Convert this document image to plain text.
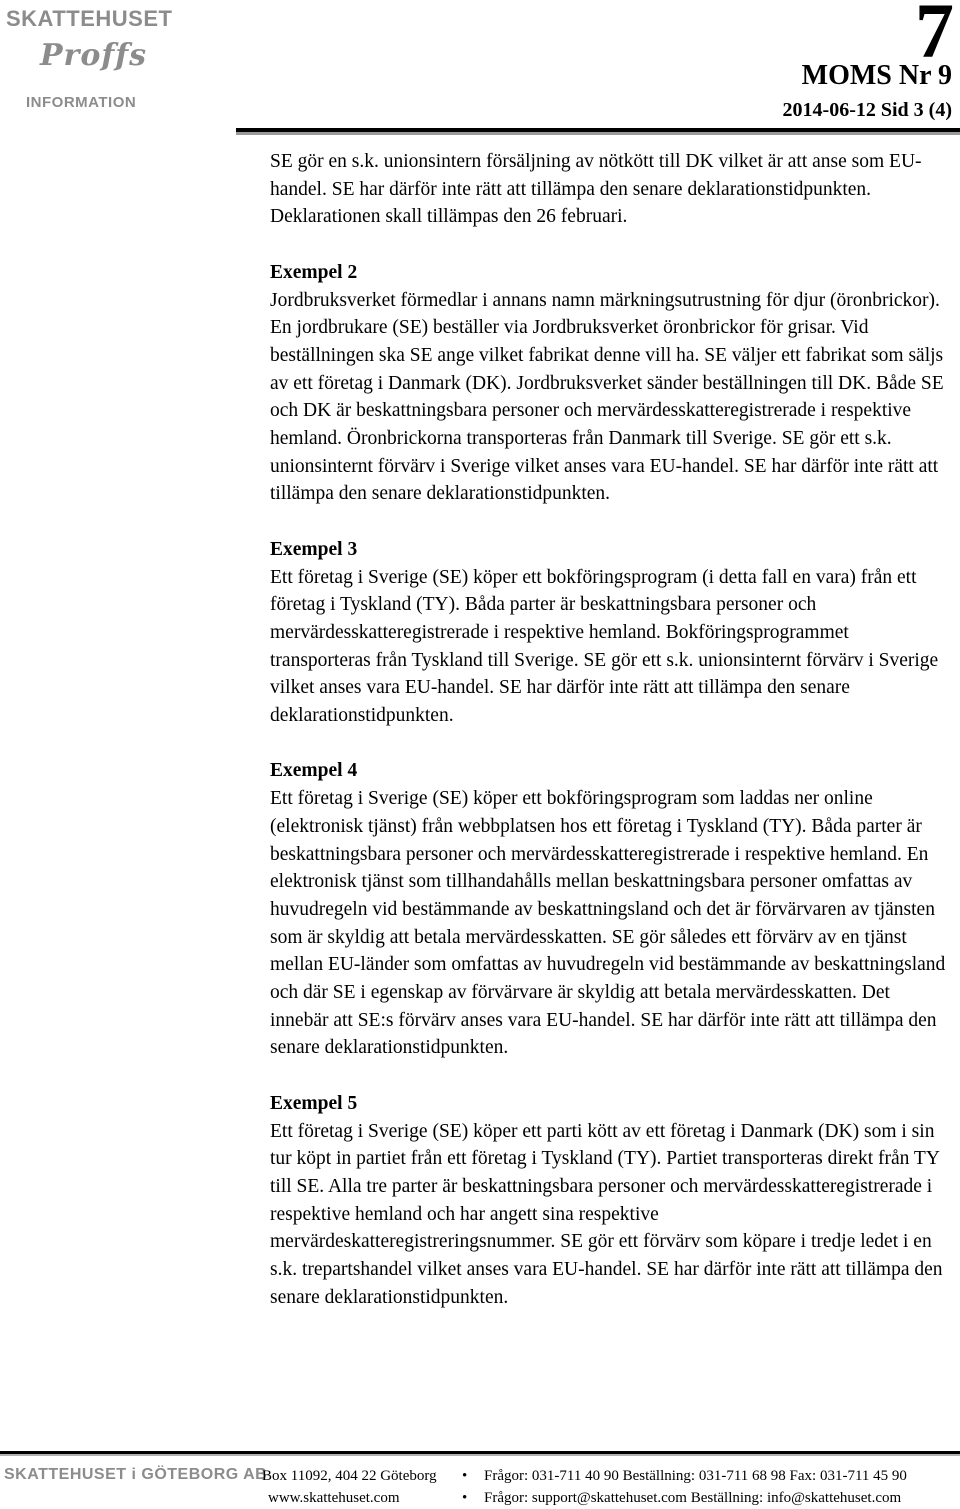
SKATTEHUSET
Proffs
INFORMATION
7
MOMS Nr 9
2014-06-12 Sid 3 (4)

SE gör en s.k. unionsintern försäljning av nötkött till DK vilket är att anse som EU-handel. SE har därför inte rätt att tillämpa den senare deklarationstidpunkten. Deklarationen skall tillämpas den 26 februari.

Exempel 2

Jordbruksverket förmedlar i annans namn märkningsutrustning för djur (öronbrickor). En jordbrukare (SE) beställer via Jordbruksverket öronbrickor för grisar. Vid beställningen ska SE ange vilket fabrikat denne vill ha. SE väljer ett fabrikat som säljs av ett företag i Danmark (DK). Jordbruksverket sänder beställningen till DK. Både SE och DK är beskattningsbara personer och mervärdesskatteregistrerade i respektive hemland. Öronbrickorna transporteras från Danmark till Sverige. SE gör ett s.k. unionsinternt förvärv i Sverige vilket anses vara EU-handel. SE har därför inte rätt att tillämpa den senare deklarationstidpunkten.

Exempel 3

Ett företag i Sverige (SE) köper ett bokföringsprogram (i detta fall en vara) från ett företag i Tyskland (TY). Båda parter är beskattningsbara personer och mervärdesskatteregistrerade i respektive hemland. Bokföringsprogrammet transporteras från Tyskland till Sverige. SE gör ett s.k. unionsinternt förvärv i Sverige vilket anses vara EU-handel. SE har därför inte rätt att tillämpa den senare deklarationstidpunkten.

Exempel 4

Ett företag i Sverige (SE) köper ett bokföringsprogram som laddas ner online (elektronisk tjänst) från webbplatsen hos ett företag i Tyskland (TY). Båda parter är beskattningsbara personer och mervärdesskatteregistrerade i respektive hemland. En elektronisk tjänst som tillhandahålls mellan beskattningsbara personer omfattas av huvudregeln vid bestämmande av beskattningsland och det är förvärvaren av tjänsten som är skyldig att betala mervärdesskatten. SE gör således ett förvärv av en tjänst mellan EU-länder som omfattas av huvudregeln vid bestämmande av beskattningsland och där SE i egenskap av förvärvare är skyldig att betala mervärdesskatten. Det innebär att SE:s förvärv anses vara EU-handel. SE har därför inte rätt att tillämpa den senare deklarationstidpunkten.

Exempel 5

Ett företag i Sverige (SE) köper ett parti kött av ett företag i Danmark (DK) som i sin tur köpt in partiet från ett företag i Tyskland (TY). Partiet transporteras direkt från TY till SE. Alla tre parter är beskattningsbara personer och mervärdesskatteregistrerade i respektive hemland och har angett sina respektive mervärdeskatteregistreringsnummer. SE gör ett förvärv som köpare i tredje ledet i en s.k. trepartshandel vilket anses vara EU-handel. SE har därför inte rätt att tillämpa den senare deklarationstidpunkten.

SKATTEHUSET i GÖTEBORG AB
Box 11092, 404 22 Göteborg
www.skattehuset.com
• Frågor: 031-711 40 90 Beställning: 031-711 68 98 Fax: 031-711 45 90
• Frågor: support@skattehuset.com Beställning: info@skattehuset.com
